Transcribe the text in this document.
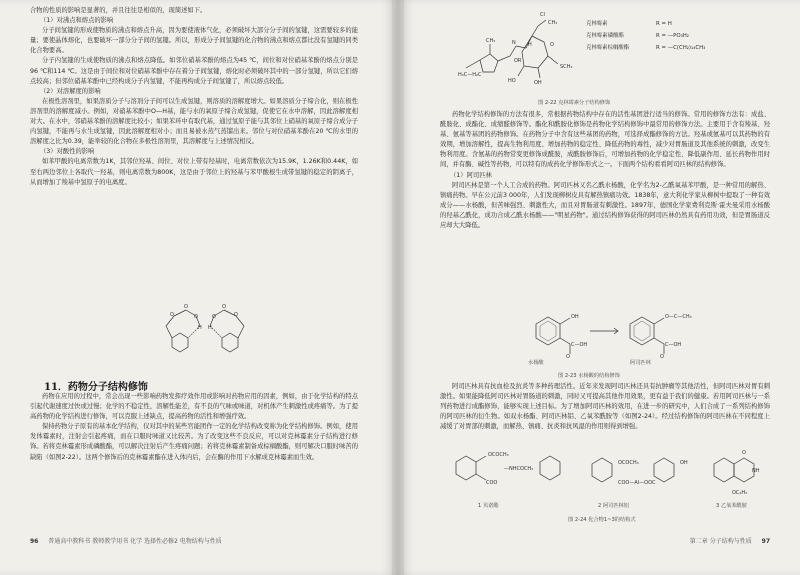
合物的性质的影响是显著的，并且往往是相似的，现简述如下。

（1）对沸点和熔点的影响

分子间氢键的形成使物质的沸点和熔点升高，因为要使液体气化，必须破坏大部分分子间的氢键，这需要较多的能量；要使晶体熔化，也要破坏一部分分子间的氢键。所以，形成分子间氢键的化合物的沸点和熔点都比没有氢键的同类化合物要高。

分子内氢键的生成使物质的沸点和熔点降低。如邻位硝基苯酚的熔点为45 ℃，间位和对位硝基苯酚的熔点分别是96 ℃和114 ℃。这是由于间位和对位硝基苯酚中存在着分子间氢键，熔化时必须破坏其中的一部分氢键，所以它们熔点较高；但邻位硝基苯酚中已经构成分子内氢键，不能再构成分子间氢键了，所以熔点较低。

（2）对溶解度的影响

在极性溶剂里，如果溶质分子与溶剂分子间可以生成氢键，则溶质的溶解度增大。如果溶质分子缔合化，则在极性溶剂里的溶解度减小。例如，对硝基苯酚中O—H基，能与水的氧原子缔合成氢键，促使它在水中溶解，因此溶解度相对大。在水中，邻硝基苯酚的溶解度比较小；如果苯环中有取代基，通过氢原子能与其邻位上硝基的氧原子缔合成分子内氢键，不能再与水生成氢键，因此溶解度相对小；而且易被水蒸气蒸馏出来。邻位与对位硝基苯酚在20 ℃的水里的溶解度之比为0.39，能举较的化合物在多极性溶剂里，其溶解度与上述情况相反。

（3）对酸性的影响

如苯甲酸的电离常数为1K，其邻位羟基、间位、对位上带有羟基时，电离常数依次为15.9K，1.26K和0.44K，如至右两边邻位上各取代一羟基，则电离常数为800K，这是由于邻位上的羟基与苯甲酸根生成带氢键的稳定的阴离子，从而增加了羧基中氢原子的电离度。

O
O	O
H
O
O
O
H
11．药物分子结构修饰

药物在应用的过程中，常会出现一些影响药物发挥疗效作用或影响对药物应用的因素，例如，由于化学结构的特点引起代谢速度过快或过慢；化学的不稳定性，溶解性能差，有不良的气味或味道，对机体产生刺激性或疼痛等。为了提高药物的化学结构进行修饰，可以克服上述缺点，提高药物的活性和增强疗效。

保持药物分子原有的基本化学结构，仅对其中的某些官能团作一定的化学结构改变称为化学结构修饰。例如，使用发体霉素时，注射会引起疼痛，而在口服时味道又比较苦。为了改变这些不良反应，可以对克林霉素分子结构进行修饰。若将克林霉素形成磷酸酯，可以解决注射后产生疼痛问题；若将克林霉素制备成棕榈酸酯，则可解决口服时味苦的缺陷（如图2-22）。这两个修饰后的克林霉素酯在进入体内后，会在酶的作用下水解成克林霉素而生效。

96 普通高中教科书 教师教学用书 化学 选择性必修2 电物结构与性质
CH₃
H₃C—H₂C
N H
Cl
CH₃
SCH₃
OH
HO
O
OR
克林霉素	R = H
克林霉素磷酸酯	R = —PO₃H₂
克林霉素棕榈酸酯	R = —C(CH₂)₁₄CH₃
图 2-22 克林霉素分子结构修饰

药物化学结构修饰的方法有很多，常根据药物结构中存在的活性基团进行适当的修饰。常用的修饰方法有：成盐、酰胺化、成酯化、成缩醛修饰等。酯化和酰胺化修饰是药物化学结构修饰中最常用的修饰方法。主要用于含有羧基、羟基、氨基等基团的药物修饰。在药物分子中含有这些基团的药物，可选择成酯修饰的方法。羟基或氨基可以其药物的有效期，增加溶解性，提高生物利用度、增加药物的稳定性、降低药物的毒性，减少对胃肠道及其他系统的刺激，改变生物利用度。含氨基的药物常变更修饰成酰胺，成酰胺修饰后，可增加药物的化学稳定性、降低副作用、延长药物作用时间，并有酶、碱性等药物，可以特有的成药化学修饰形式之一。下面两个结构看看阿司匹林的结构修饰。

（1）阿司匹林

阿司匹林是第一个人工合成的药物。阿司匹林又名乙酰水杨酸，化学名为2-乙酰氧基苯甲酸，是一种常用的解热、镇痛药物。早在公元前3 000年，人们发现柳树皮具有解热镇痛功效。1838年，意大利化学家从柳树中提取了一种有效成分——水杨酸，但苦味强烈、刺激性大，而且对胃肠道有刺激性。1897年，德国化学家费利克斯·霍夫曼采用水杨酸的羟基乙酰化，成功合成乙酰水杨酸——"明星药物"。通过结构修饰获得的阿司匹林仍然具有药用功效，但是胃肠道反应却大大降低。

OH
C—OH
O
O—C—CH₃
C—OH
O
水杨酸	阿司匹林
图 2-23 水杨酸的结构修饰

阿司匹林具有抗血栓及抗炎等多种药理活性。近年来发现阿司匹林还具有抗肿瘤等其他活性，但阿司匹林对胃有刺激性。如果能降低阿司匹林对胃肠道的刺激，同时又可提高其他作用效果，更有益于我们的健康。若用阿司匹林与一系列药物进行成酯修饰，能够实现上述目标。为了增加阿司匹林的效用，在进一步的研究中，人们合成了一系列结构修饰的阿司匹林的衍生物。如双水杨酯、阿司匹林铝、乙氧苯酰胺等（如图2-24）。经过结构修饰的阿司匹林在不同程度上减缓了对胃部的刺激，而解热、镇痛、抗炎和抗风湿的作用则得到增强。

OCOCH₃
COO
—NHCOCH₃
OCOCH₃
COO—Al—OOC
OH
O
NH
OC₂H₅
1 贝诺酯	2 阿司匹林铝	3 乙氧苯酰胺
图 2-24 化合物1~3的结构式
第二章 分子结构与性质 97
